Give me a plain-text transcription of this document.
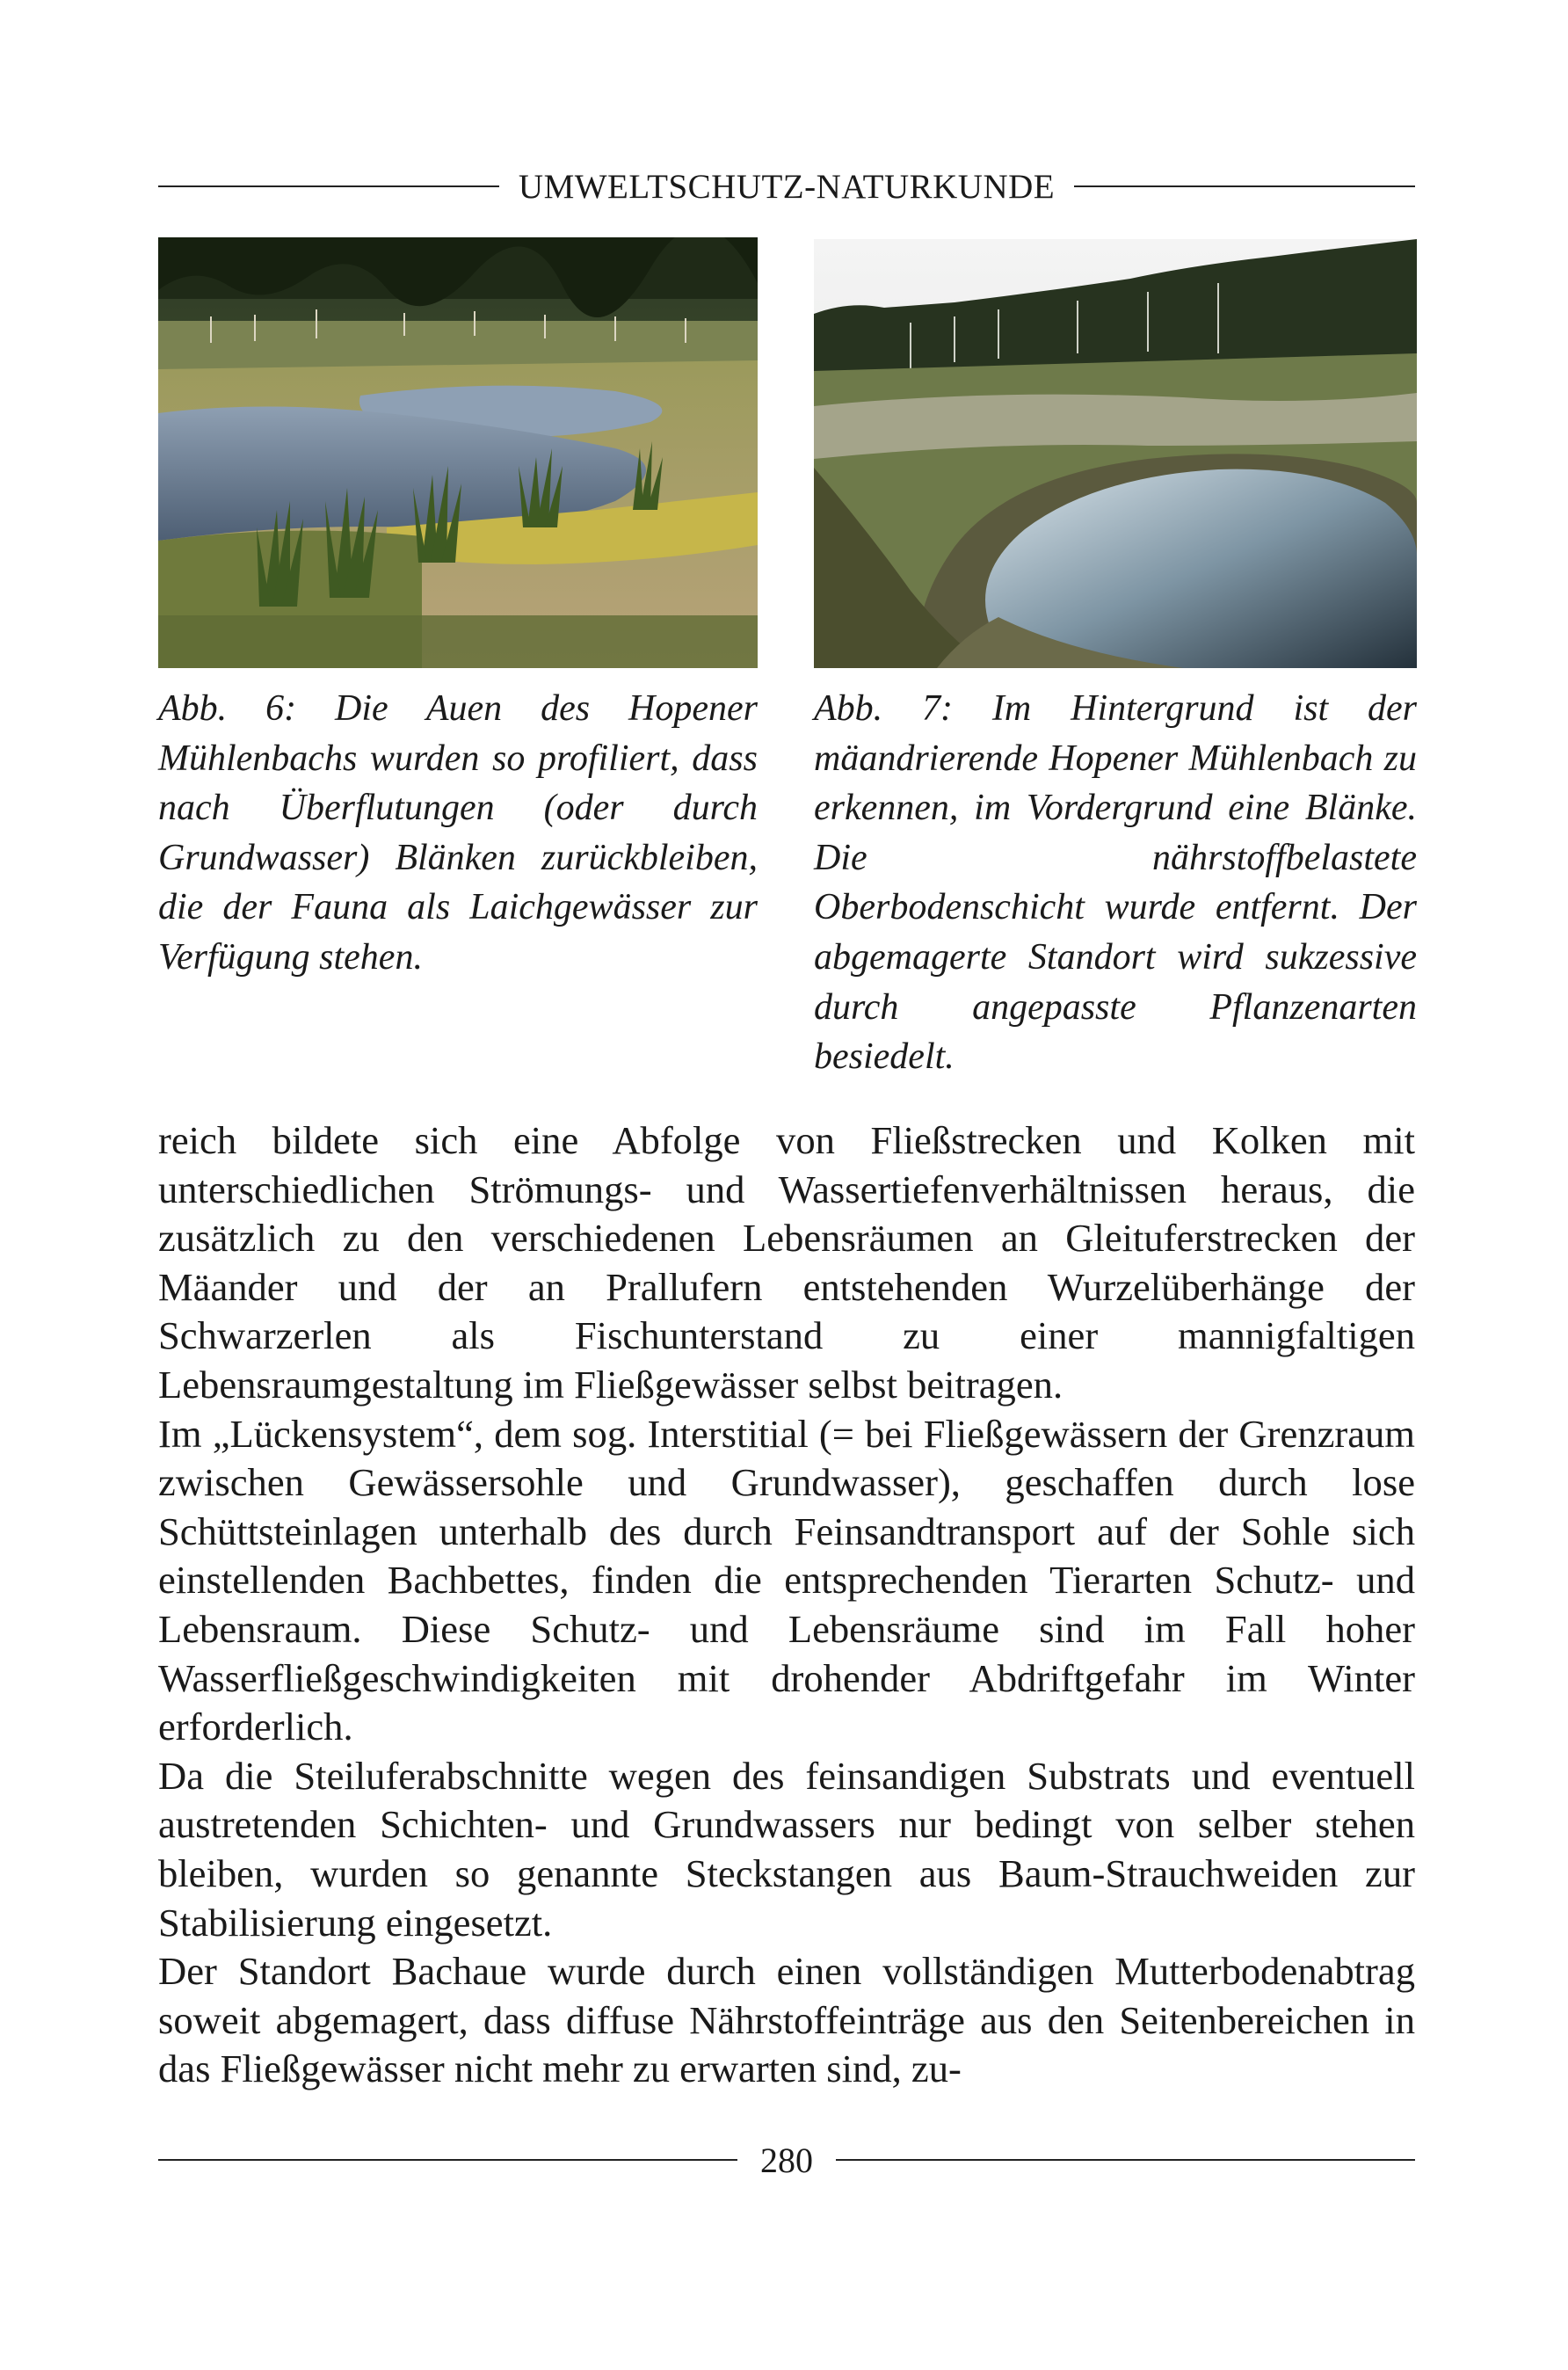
UMWELTSCHUTZ-NATURKUNDE
Abb. 6: Die Auen des Hopener Mühlenbachs wurden so profiliert, dass nach Überflutungen (oder durch Grundwasser) Blänken zurückbleiben, die der Fauna als Laichgewässer zur Verfügung stehen.
Abb. 7: Im Hintergrund ist der mäandrierende Hopener Mühlenbach zu erkennen, im Vordergrund eine Blänke. Die nährstoffbelastete Oberbodenschicht wurde entfernt. Der abgemagerte Standort wird sukzessive durch angepasste Pflanzenarten besiedelt.

reich bildete sich eine Abfolge von Fließstrecken und Kolken mit unterschiedlichen Strömungs- und Wassertiefenverhältnissen heraus, die zusätzlich zu den verschiedenen Lebensräumen an Gleituferstrecken der Mäander und der an Prallufern entstehenden Wurzelüberhänge der Schwarzerlen als Fischunterstand zu einer mannigfaltigen Lebensraumgestaltung im Fließgewässer selbst beitragen.

Im „Lückensystem“, dem sog. Interstitial (= bei Fließgewässern der Grenzraum zwischen Gewässersohle und Grundwasser), geschaffen durch lose Schüttsteinlagen unterhalb des durch Feinsandtransport auf der Sohle sich einstellenden Bachbettes, finden die entsprechenden Tierarten Schutz- und Lebensraum. Diese Schutz- und Lebensräume sind im Fall hoher Wasserfließgeschwindigkeiten mit drohender Abdriftgefahr im Winter erforderlich.

Da die Steiluferabschnitte wegen des feinsandigen Substrats und eventuell austretenden Schichten- und Grundwassers nur bedingt von selber stehen bleiben, wurden so genannte Steckstangen aus Baum-Strauchweiden zur Stabilisierung eingesetzt.

Der Standort Bachaue wurde durch einen vollständigen Mutterbodenabtrag soweit abgemagert, dass diffuse Nährstoffeinträge aus den Seitenbereichen in das Fließgewässer nicht mehr zu erwarten sind, zu-

280
